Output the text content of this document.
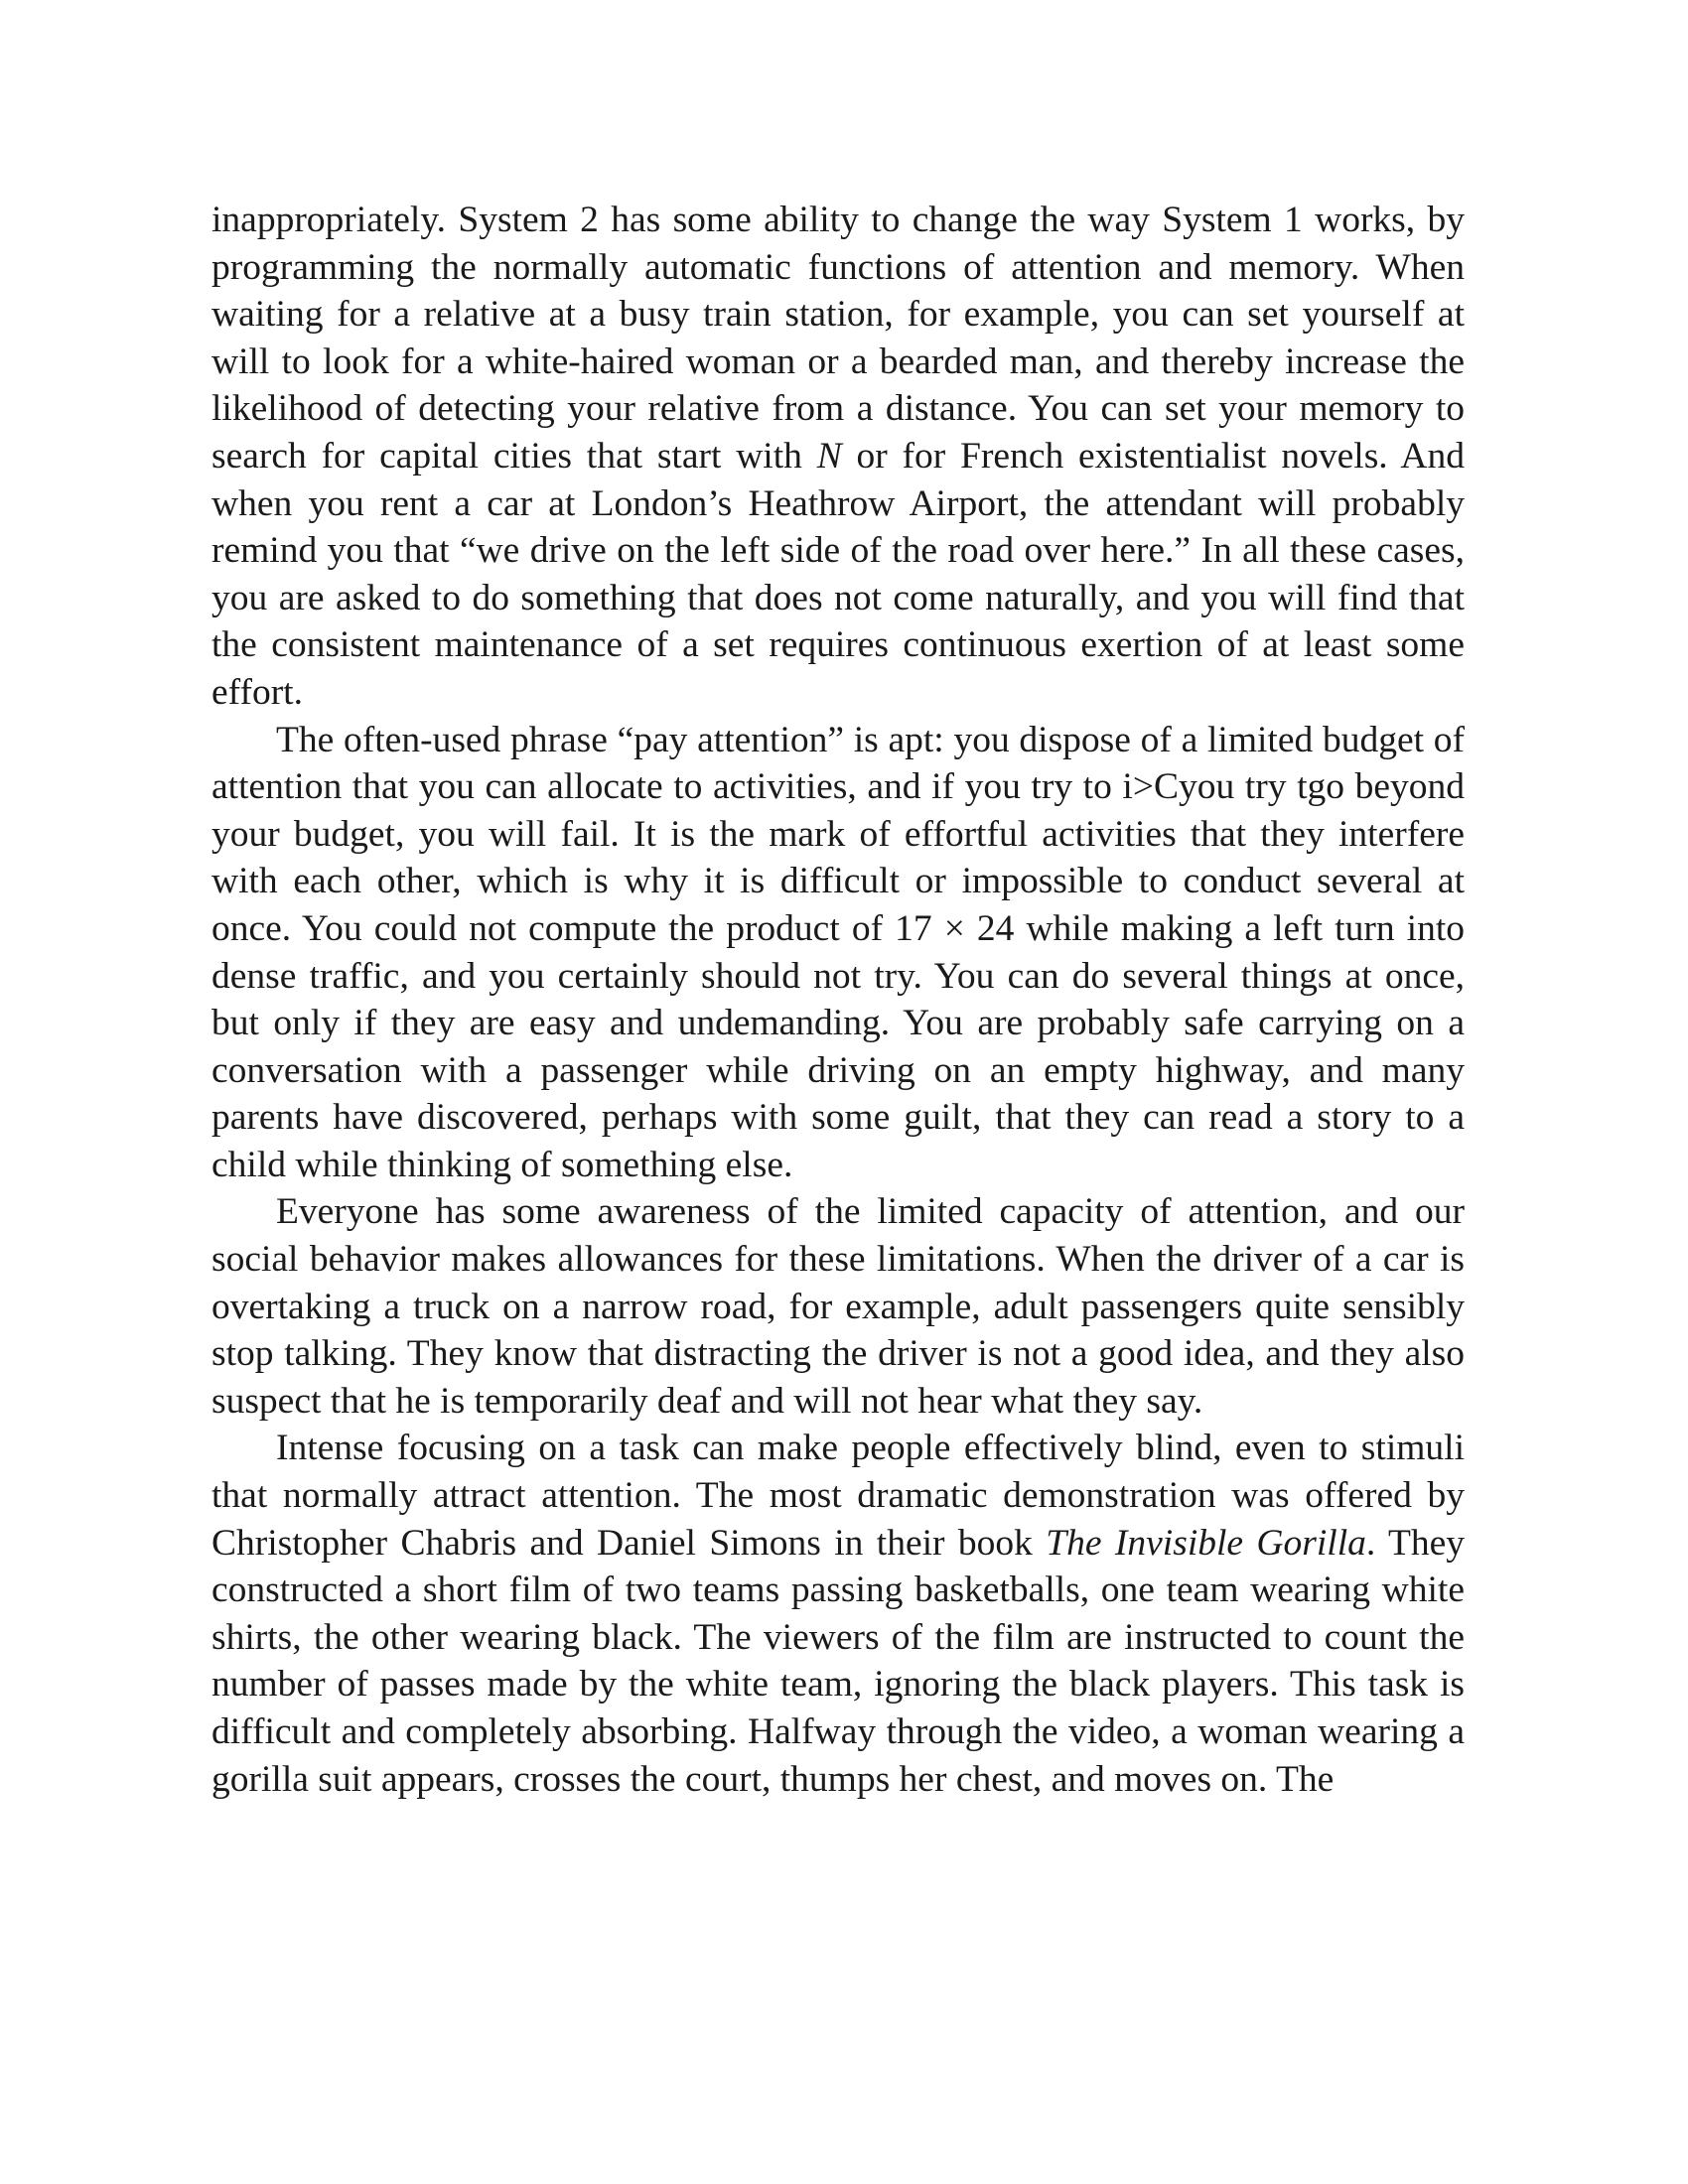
inappropriately. System 2 has some ability to change the way System 1 works, by programming the normally automatic functions of attention and memory. When waiting for a relative at a busy train station, for example, you can set yourself at will to look for a white-haired woman or a bearded man, and thereby increase the likelihood of detecting your relative from a distance. You can set your memory to search for capital cities that start with N or for French existentialist novels. And when you rent a car at London’s Heathrow Airport, the attendant will probably remind you that “we drive on the left side of the road over here.” In all these cases, you are asked to do something that does not come naturally, and you will find that the consistent maintenance of a set requires continuous exertion of at least some effort.

The often-used phrase “pay attention” is apt: you dispose of a limited budget of attention that you can allocate to activities, and if you try to i>Cyou try tgo beyond your budget, you will fail. It is the mark of effortful activities that they interfere with each other, which is why it is difficult or impossible to conduct several at once. You could not compute the product of 17 × 24 while making a left turn into dense traffic, and you certainly should not try. You can do several things at once, but only if they are easy and undemanding. You are probably safe carrying on a conversation with a passenger while driving on an empty highway, and many parents have discovered, perhaps with some guilt, that they can read a story to a child while thinking of something else.

Everyone has some awareness of the limited capacity of attention, and our social behavior makes allowances for these limitations. When the driver of a car is overtaking a truck on a narrow road, for example, adult passengers quite sensibly stop talking. They know that distracting the driver is not a good idea, and they also suspect that he is temporarily deaf and will not hear what they say.

Intense focusing on a task can make people effectively blind, even to stimuli that normally attract attention. The most dramatic demonstration was offered by Christopher Chabris and Daniel Simons in their book The Invisible Gorilla. They constructed a short film of two teams passing basketballs, one team wearing white shirts, the other wearing black. The viewers of the film are instructed to count the number of passes made by the white team, ignoring the black players. This task is difficult and completely absorbing. Halfway through the video, a woman wearing a gorilla suit appears, crosses the court, thumps her chest, and moves on. The
